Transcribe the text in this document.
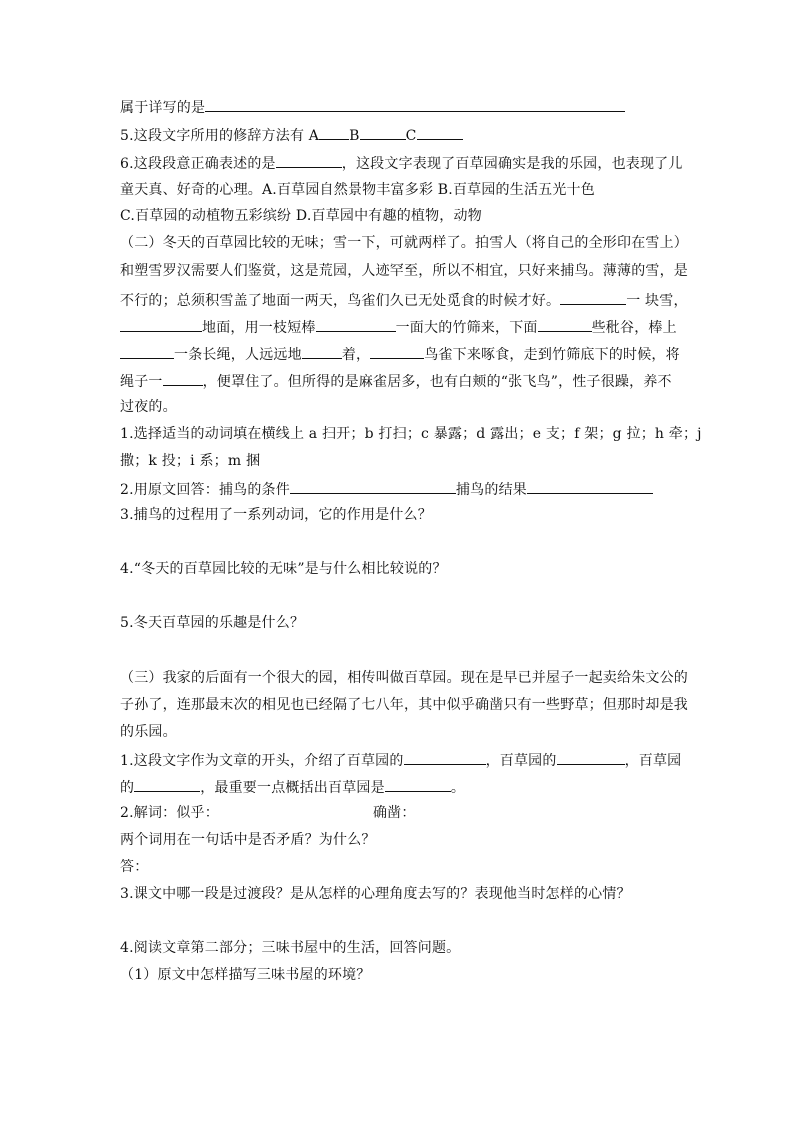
属于详写的是
5.这段文字所用的修辞方法有 A B	C
6.这段段意正确表述的是	，这段文字表现了百草园确实是我的乐园，也表现了儿
童天真、好奇的心理。A.百草园自然景物丰富多彩 B.百草园的生活五光十色
C.百草园的动植物五彩缤纷 D.百草园中有趣的植物，动物
（二）冬天的百草园比较的无味；雪一下，可就两样了。拍雪人（将自己的全形印在雪上）
和塑雪罗汉需要人们鉴赏，这是荒园，人迹罕至，所以不相宜，只好来捕鸟。薄薄的雪，是
不行的；总须积雪盖了地面一两天，鸟雀们久已无处觅食的时候才好。	一 块雪，
地面，用一枝短棒	一面大的竹筛来，下面	些秕谷，棒上
一条长绳，人远远地	着，	鸟雀下来啄食，走到竹筛底下的时候，将
绳子一	，便罩住了。但所得的是麻雀居多，也有白颊的“张飞鸟”，性子很躁，养不
过夜的。
1.选择适当的动词填在横线上 a 扫开；b 打扫；c 暴露；d 露出；e 支；f 架；g 拉；h 牵；j
撒；k 投；i 系；m 捆
2.用原文回答：捕鸟的条件	捕鸟的结果
3.捕鸟的过程用了一系列动词，它的作用是什么？
4.“冬天的百草园比较的无味”是与什么相比较说的？
5.冬天百草园的乐趣是什么？
（三）我家的后面有一个很大的园，相传叫做百草园。现在是早已并屋子一起卖给朱文公的
子孙了，连那最末次的相见也已经隔了七八年，其中似乎确凿只有一些野草；但那时却是我
的乐园。
1.这段文字作为文章的开头，介绍了百草园的	，百草园的	，百草园
的	，最重要一点概括出百草园是	。
2.解词：似乎：	确凿：
两个词用在一句话中是否矛盾？为什么？
答：
3.课文中哪一段是过渡段？是从怎样的心理角度去写的？表现他当时怎样的心情？
4.阅读文章第二部分；三味书屋中的生活，回答问题。
（1）原文中怎样描写三味书屋的环境？
